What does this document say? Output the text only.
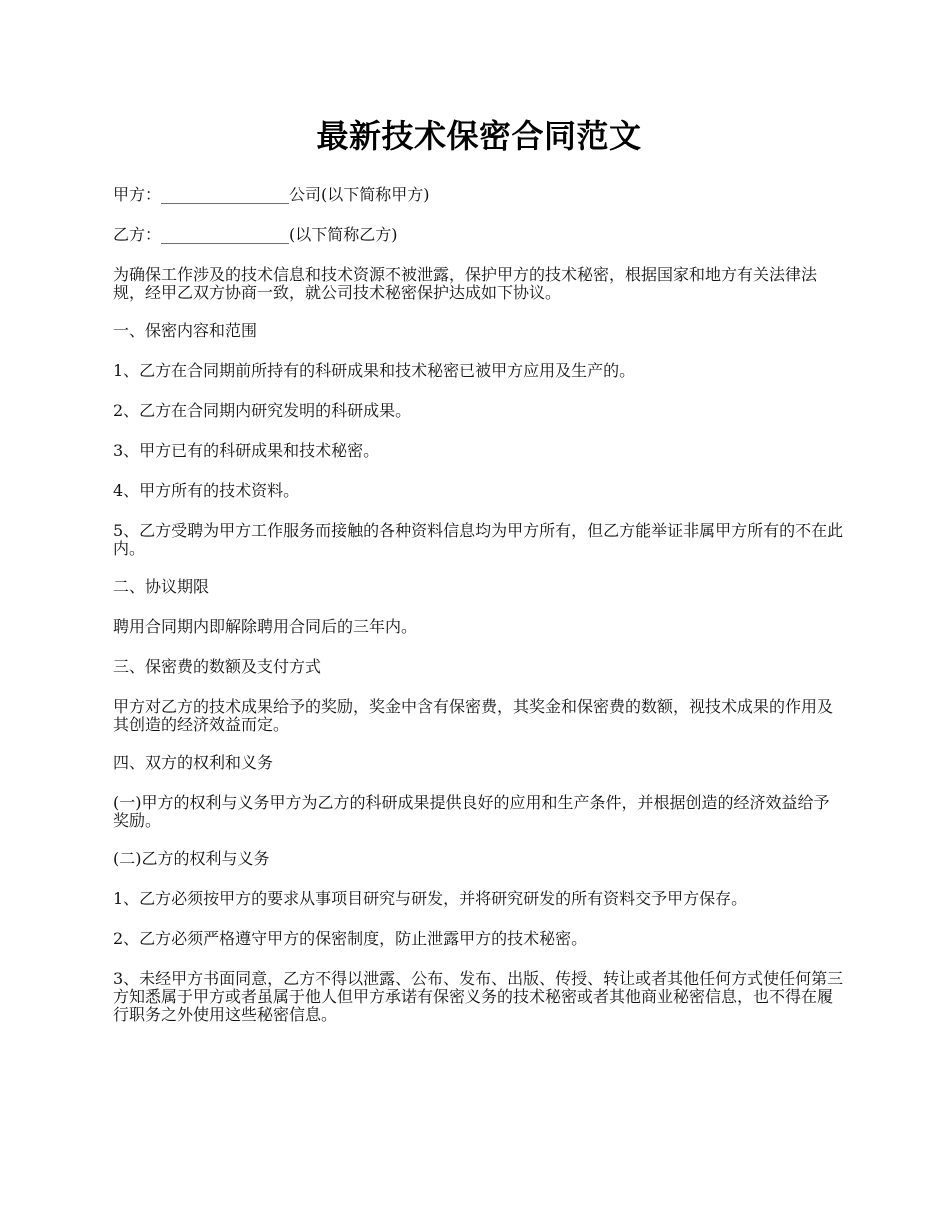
最新技术保密合同范文

甲方：________________公司(以下简称甲方)

乙方：________________(以下简称乙方)

为确保工作涉及的技术信息和技术资源不被泄露，保护甲方的技术秘密，根据国家和地方有关法律法规，经甲乙双方协商一致，就公司技术秘密保护达成如下协议。

一、保密内容和范围

1、乙方在合同期前所持有的科研成果和技术秘密已被甲方应用及生产的。

2、乙方在合同期内研究发明的科研成果。

3、甲方已有的科研成果和技术秘密。

4、甲方所有的技术资料。

5、乙方受聘为甲方工作服务而接触的各种资料信息均为甲方所有，但乙方能举证非属甲方所有的不在此内。

二、协议期限

聘用合同期内即解除聘用合同后的三年内。

三、保密费的数额及支付方式

甲方对乙方的技术成果给予的奖励，奖金中含有保密费，其奖金和保密费的数额，视技术成果的作用及其创造的经济效益而定。

四、双方的权利和义务

(一)甲方的权利与义务甲方为乙方的科研成果提供良好的应用和生产条件，并根据创造的经济效益给予奖励。

(二)乙方的权利与义务

1、乙方必须按甲方的要求从事项目研究与研发，并将研究研发的所有资料交予甲方保存。

2、乙方必须严格遵守甲方的保密制度，防止泄露甲方的技术秘密。

3、未经甲方书面同意，乙方不得以泄露、公布、发布、出版、传授、转让或者其他任何方式使任何第三方知悉属于甲方或者虽属于他人但甲方承诺有保密义务的技术秘密或者其他商业秘密信息，也不得在履行职务之外使用这些秘密信息。
